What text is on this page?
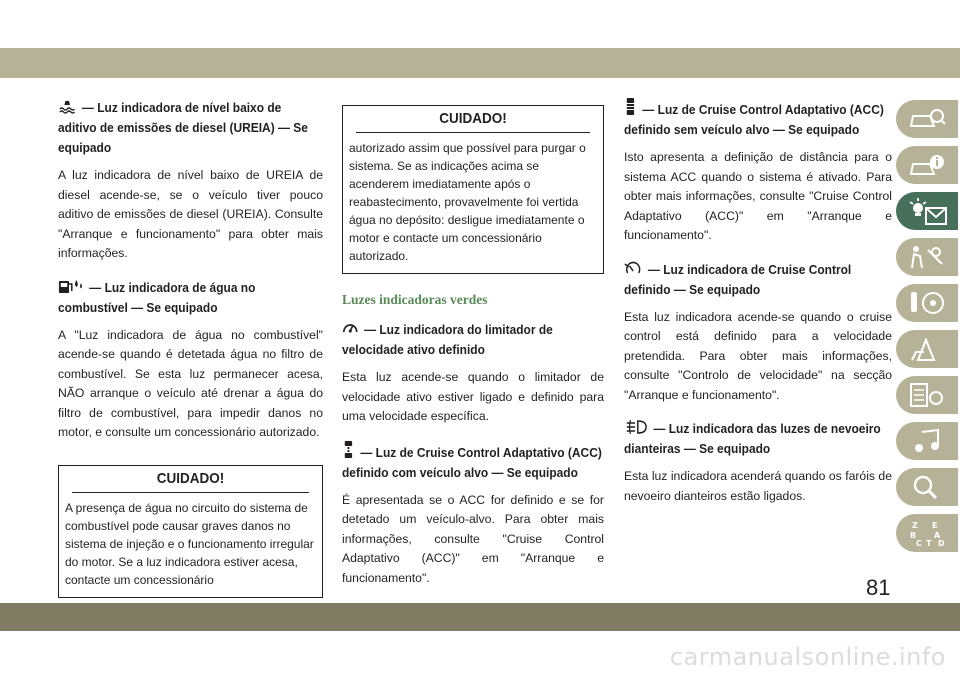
— Luz indicadora de nível baixo de aditivo de emissões de diesel (UREIA) — Se equipado

A luz indicadora de nível baixo de UREIA de diesel acende-se, se o veículo tiver pouco aditivo de emissões de diesel (UREIA). Consulte "Arranque e funcionamento" para obter mais informações.

— Luz indicadora de água no combustível — Se equipado

A "Luz indicadora de água no combustível" acende-se quando é detetada água no filtro de combustível. Se esta luz permanecer acesa, NÃO arranque o veículo até drenar a água do filtro de combustível, para impedir danos no motor, e consulte um concessionário autorizado.

CUIDADO!
A presença de água no circuito do sistema de combustível pode causar graves danos no sistema de injeção e o funcionamento irregular do motor. Se a luz indicadora estiver acesa, contacte um concessionário
CUIDADO!
autorizado assim que possível para purgar o sistema. Se as indicações acima se acenderem imediatamente após o reabastecimento, provavelmente foi vertida água no depósito: desligue imediatamente o motor e contacte um concessionário autorizado.
Luzes indicadoras verdes

— Luz indicadora do limitador de velocidade ativo definido

Esta luz acende-se quando o limitador de velocidade ativo estiver ligado e definido para uma velocidade específica.

— Luz de Cruise Control Adaptativo (ACC) definido com veículo alvo — Se equipado

É apresentada se o ACC for definido e se for detetado um veículo-alvo. Para obter mais informações, consulte "Cruise Control Adaptativo (ACC)" em "Arranque e funcionamento".

— Luz de Cruise Control Adaptativo (ACC) definido sem veículo alvo — Se equipado

Isto apresenta a definição de distância para o sistema ACC quando o sistema é ativado. Para obter mais informações, consulte "Cruise Control Adaptativo (ACC)" em "Arranque e funcionamento".

— Luz indicadora de Cruise Control definido — Se equipado

Esta luz indicadora acende-se quando o cruise control está definido para a velocidade pretendida. Para obter mais informações, consulte "Controlo de velocidade" na secção "Arranque e funcionamento".

— Luz indicadora das luzes de nevoeiro dianteiras — Se equipado

Esta luz indicadora acenderá quando os faróis de nevoeiro dianteiros estão ligados.

Z E
B A
C T D
81
carmanualsonline.info
